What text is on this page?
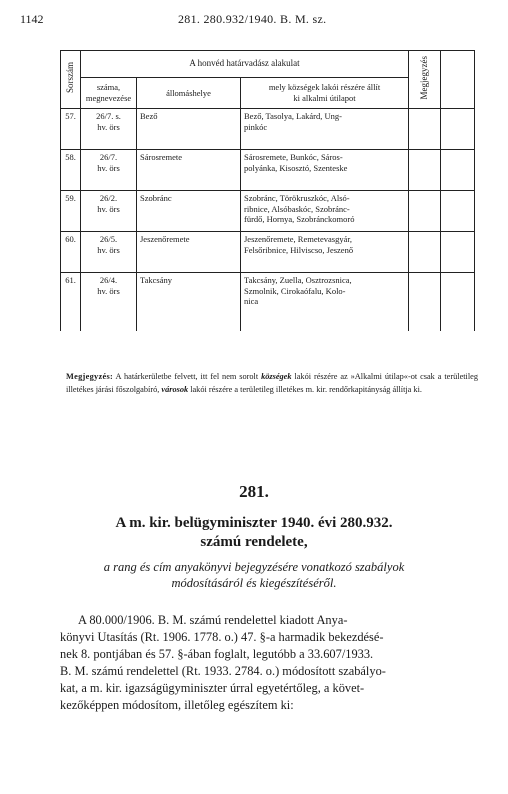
1142	281. 280.932/1940. B. M. sz.
Sorszám	A honvéd határvadász alakulat			Megjegyzés	
	száma,
megnevezése	állomáshelye	mely községek lakói részére állít
ki alkalmi útilapot		
57.	26/7. s.
hv. örs	Bező	Bező, Tasolya, Lakárd, Ung-
pinkóc		
58.	26/7.
hv. örs	Sárosremete	Sárosremete, Bunkóc, Sáros-
polyánka, Kisosztó, Szenteske		
59.	26/2.
hv. örs	Szobránc	Szobránc, Törökruszkóc, Alsó-
ribnice, Alsóbaskóc, Szobránc-
fürdő, Hornya, Szobránckomoró		
60.	26/5.
hv. örs	Jeszenőremete	Jeszenőremete, Remetevasgyár,
Felsőribnice, Hilviscso, Jeszenő		
61.	26/4.
hv. örs	Takcsány	Takcsány, Zuella, Osztrozsnica,
Szmolnik, Cirokaófalu, Kolo-
nica		

Megjegyzés: A határkerületbe felvett, itt fel nem sorolt községek lakói részére az »Alkalmi útilap«-ot csak a területileg illetékes járási főszolgabíró, városok lakói részére a területileg illetékes m. kir. rendőrkapitányság állítja ki.
281.
A m. kir. belügyminiszter 1940. évi 280.932.
számú rendelete,
a rang és cím anyakönyvi bejegyzésére vonatkozó szabályok
módosításáról és kiegészítéséről.
A 80.000/1906. B. M. számú rendelettel kiadott Anya-
könyvi Utasítás (Rt. 1906. 1778. o.) 47. §-a harmadik bekezdésé-
nek 8. pontjában és 57. §-ában foglalt, legutóbb a 33.607/1933.
B. M. számú rendelettel (Rt. 1933. 2784. o.) módosított szabályo-
kat, a m. kir. igazságügyminiszter úrral egyetértőleg, a követ-
kezőképpen módosítom, illetőleg egészítem ki:
